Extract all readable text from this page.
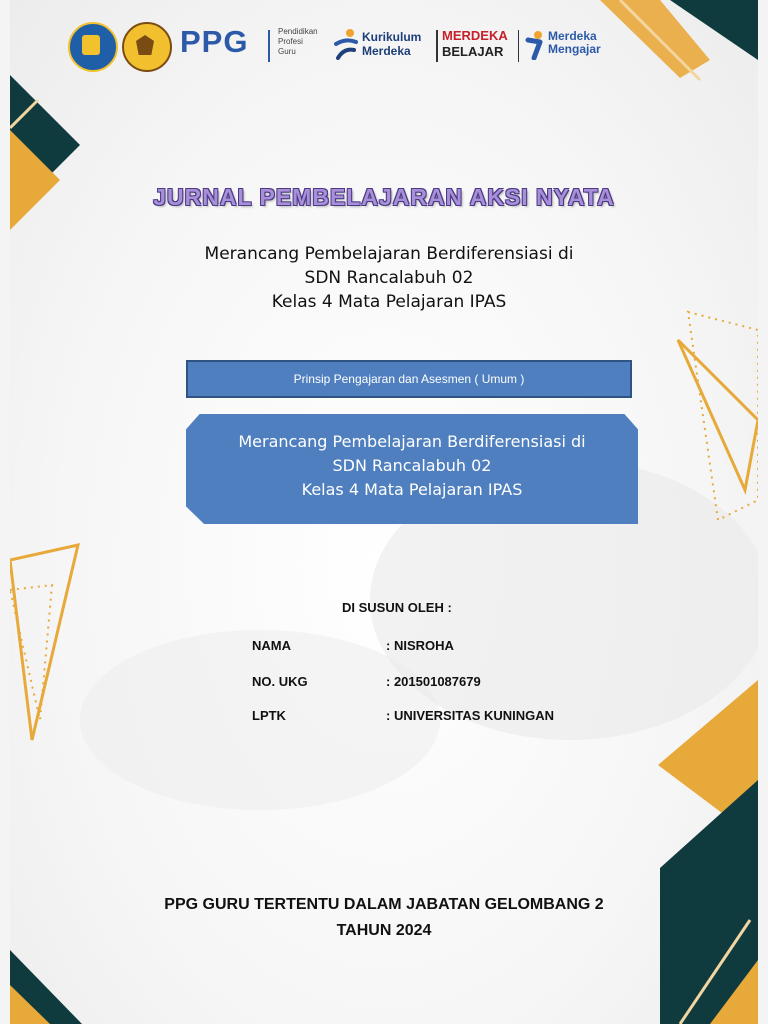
PPG	Pendidikan
Profesi
Guru
Kurikulum
Merdeka
MERDEKA
BELAJAR
Merdeka
Mengajar
JURNAL PEMBELAJARAN AKSI NYATA
Merancang Pembelajaran Berdiferensiasi di
SDN Rancalabuh 02
Kelas 4 Mata Pelajaran IPAS
Prinsip Pengajaran dan Asesmen ( Umum )
Merancang Pembelajaran Berdiferensiasi di
SDN Rancalabuh 02
Kelas 4 Mata Pelajaran IPAS
DI SUSUN OLEH :
NAMA	: NISROHA
NO. UKG	: 201501087679
LPTK	: UNIVERSITAS KUNINGAN
PPG GURU TERTENTU DALAM JABATAN GELOMBANG 2
TAHUN 2024
